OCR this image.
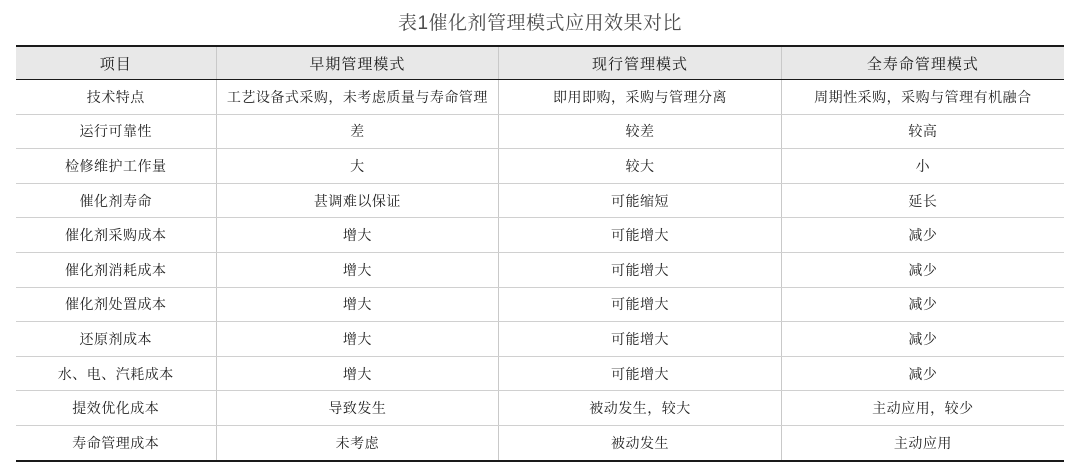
表1催化剂管理模式应用效果对比
项目	早期管理模式	现行管理模式	全寿命管理模式
技术特点	工艺设备式采购，未考虑质量与寿命管理	即用即购，采购与管理分离	周期性采购，采购与管理有机融合
运行可靠性	差	较差	较高
检修维护工作量	大	较大	小
催化剂寿命	甚调难以保证	可能缩短	延长
催化剂采购成本	增大	可能增大	减少
催化剂消耗成本	增大	可能增大	减少
催化剂处置成本	增大	可能增大	减少
还原剂成本	增大	可能增大	减少
水、电、汽耗成本	增大	可能增大	减少
提效优化成本	导致发生	被动发生，较大	主动应用，较少
寿命管理成本	未考虑	被动发生	主动应用
